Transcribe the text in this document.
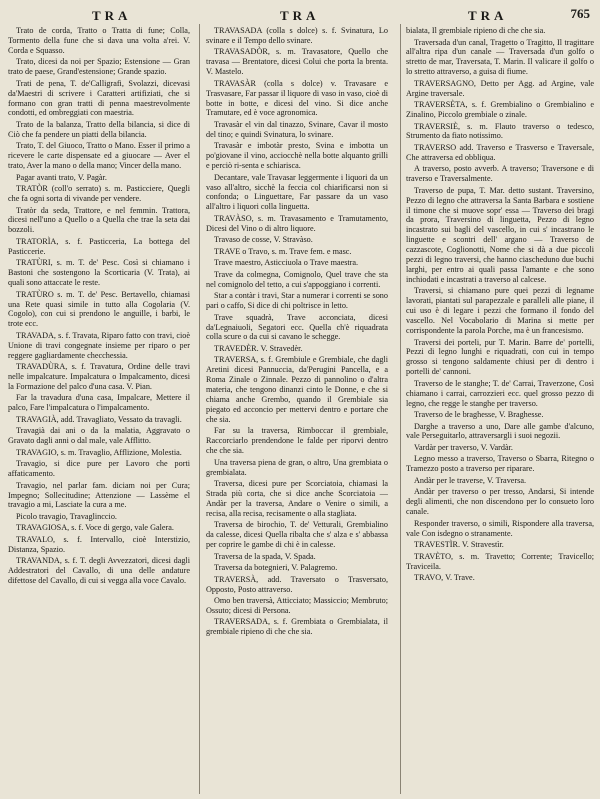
TRA	TRA	TRA	765

Trato de corda, Tratto o Tratta di fune; Colla, Tormento della fune che si dava una volta a'rei. V. Corda e Squasso.

Trato, dicesi da noi per Spazio; Estensione — Gran trato de paese, Grand'estensione; Grande spazio.

Trati de pena, T. de'Calligrafi, Svolazzi, dicevasi da'Maestri di scrivere i Caratteri artifiziati, che si formano con gran tratti di penna maestrevolmente condotti, ed ombreggiati con maestria.

Trato de la balanza, Tratto della bilancia, si dice di Ciò che fa pendere un piatti della bilancia.

Trato, T. del Giuoco, Tratto o Mano. Esser il primo a ricevere le carte dispensate ed a giuocare — Aver el trato, Aver la mano o della mano; Vincer della mano.

Pagar avanti trato, V. Pagàr.

TRATÒR (coll'o serrato) s. m. Pasticciere, Quegli che fa ogni sorta di vivande per vendere.

Tratòr da seda, Trattore, e nel femmin. Trattora, dicesi nell'uno a Quello o a Quella che trae la seta dai bozzoli.

TRATORÌA, s. f. Pasticceria, La bottega del Pasticcerie.

TRATÙRI, s. m. T. de' Pesc. Così si chiamano i Bastoni che sostengono la Scorticaria (V. Trata), ai quali sono attaccate le reste.

TRATÙRO s. m. T. de' Pesc. Bertavello, chiamasi una Rete quasi simile in tutto alla Cogolaria (V. Cogolo), con cui si prendono le anguille, i barbi, le trote ecc.

TRAVADA, s. f. Travata, Riparo fatto con travi, cioè Unione di travi congegnate insieme per riparo o per reggere gagliardamente checchessia.

TRAVADÙRA, s. f. Travatura, Ordine delle travi nelle impalcature. Impalcatura o Impalcamento, dicesi la Formazione del palco d'una casa. V. Pian.

Far la travadura d'una casa, Impalcare, Mettere il palco, Fare l'impalcatura o l'impalcamento.

TRAVAGIÀ, add. Travagliato, Vessato da travagli.

Travagià dai ani o da la malatia, Aggravato o Gravato dagli anni o dal male, vale Afflitto.

TRAVAGIO, s. m. Travaglio, Afflizione, Molestia.

Travagio, si dice pure per Lavoro che porti affaticamento.

Travagio, nel parlar fam. diciam noi per Cura; Impegno; Sollecitudine; Attenzione — Lassème el travagio a mi, Lasciate la cura a me.

Picolo travagio, Travaglinccio.

TRAVAGIOSA, s. f. Voce di gergo, vale Galera.

TRAVALO, s. f. Intervallo, cioè Interstizio, Distanza, Spazio.

TRAVANDA, s. f. T. degli Avvezzatori, dicesi dagli Addestratori del Cavallo, di una delle andature difettose del Cavallo, di cui si vegga alla voce Cavalo.

TRAVASADA (colla s dolce) s. f. Svinatura, Lo svinare e il Tempo dello svinare.

TRAVASADÒR, s. m. Travasatore, Quello che travasa — Brentatore, dicesi Colui che porta la brenta. V. Mastelo.

TRAVASÀR (colla s dolce) v. Travasare e Trasvasare, Far passar il liquore di vaso in vaso, cioè di botte in botte, e dicesi del vino. Si dice anche Tramutare, ed è voce agronomica.

Travasàr el vin dal tinazzo, Svinare, Cavar il mosto del tino; e quindi Svinatura, lo svinare.

Travasàr e imbotàr presto, Svina e imbotta un po'giovane il vino, acciocchè nella botte alquanto grilli e perciò ri-senta e schiarisca.

Decantare, vale Travasar leggermente i liquori da un vaso all'altro, sicchè la feccia col chiarificarsi non si confonda; o Linguettare, Far passare da un vaso all'altro i liquori colla linguetta.

TRAVÀSO, s. m. Travasamento e Tramutamento, Dicesi del Vino o di altro liquore.

Travaso de cosse, V. Stravàso.

TRAVE o Travo, s. m. Trave fem. e masc.

Trave maestro, Asticciuola o Trave maestra.

Trave da colmegna, Comignolo, Quel trave che sta nel comignolo del tetto, a cui s'appoggiano i correnti.

Star a contàr i travi, Star a numerar i correnti se sono pari o caffo, Si dice di chi poltrisce in letto.

Trave squadrà, Trave acconciata, dicesi da'Legnaiuoli, Segatori ecc. Quella ch'è riquadrata colla scure o da cui si cavano le schegge.

TRAVEDÈR. V. Stravedèr.

TRAVERSA, s. f. Grembiule e Grembiale, che dagli Aretini dicesi Pannuccia, da'Perugini Pancella, e a Roma Zinale o Zinnale. Pezzo di pannolino o d'altra materia, che tengono dinanzi cinto le Donne, e che si chiama anche Grembo, quando il Grembiale sia piegato ed acconcio per mettervi dentro e portare che che sia.

Far su la traversa, Rimboccar il grembiale, Raccorciarlo prendendone le falde per riporvi dentro che che sia.

Una traversa piena de gran, o altro, Una grembiata o grembialata.

Traversa, dicesi pure per Scorciatoia, chiamasi la Strada più corta, che si dice anche Scorciatoia — Andàr per la traversa, Andare o Venire o simili, a recisa, alla recisa, recisamente o alla stagliata.

Traversa de birochio, T. de' Vetturali, Grembialino da calesse, dicesi Quella ribalta che s' alza e s' abbassa per coprire le gambe di chi è in calesse.

Traversa de la spada, V. Spada.

Traversa da botegnieri, V. Palagremo.

TRAVERSÀ, add. Traversato o Trasversato, Opposto, Posto attraverso.

Omo ben traversà, Atticciato; Massiccio; Membruto; Ossuto; dicesi di Persona.

TRAVERSADA, s. f. Grembiata o Grembialata, il grembiale ripieno di che che sia.

bialata, Il grembiale ripieno di che che sia.

Traversada d'un canal, Tragetto o Tragitto, Il tragittare all'altra ripa d'un canale — Traversada d'un golfo o stretto de mar, Traversata, T. Marin. Il valicare il golfo o lo stretto attraverso, a guisa di fiume.

TRAVERSAGNO, Detto per Agg. ad Argine, vale Argine traversale.

TRAVERSÈTA, s. f. Grembialino o Grembialino e Zinalino, Piccolo grembiale o zinale.

TRAVERSIÈ, s. m. Flauto traverso o tedesco, Strumento da fiato notissimo.

TRAVERSO add. Traverso e Trasverso e Traversale, Che attraversa ed obbliqua.

A traverso, posto avverb. A traverso; Traversone e di traverso e Traversalmente.

Traverso de pupa, T. Mar. detto sustant. Traversino, Pezzo di legno che attraversa la Santa Barbara e sostiene il timone che si muove sopr' essa — Traverso dei bragi da prora, Traversino di linguetta, Pezzo di legno incastrato sui bagli del vascello, in cui s' incastrano le linguette e scontri dell' argano — Traverso de cazzascote, Coglionotti, Nome che si dà a due piccoli pezzi di legno traversi, che hanno ciascheduno due buchi larghi, per entro ai quali passa l'amante e che sono inchiodati e incastrati a traverso al calcese.

Traversi, si chiamano pure quei pezzi di legname lavorati, piantati sul parapezzale e paralleli alle piane, il cui uso è di legare i pezzi che formano il fondo del vascello. Nel Vocabolario di Marina si mette per corrispondente la parola Porche, ma è un francesismo.

Traversi dei porteli, pur T. Marin. Barre de' portelli, Pezzi di legno lunghi e riquadrati, con cui in tempo grosso si tengono saldamente chiusi per di dentro i portelli de' cannoni.

Traverso de le stanghe; T. de' Carrai, Traverzone, Così chiamano i carrai, carrozzieri ecc. quel grosso pezzo di legno, che regge le stanghe per traverso.

Traverso de le braghesse, V. Braghesse.

Darghe a traverso a uno, Dare alle gambe d'alcuno, vale Perseguitarlo, attraversargli i suoi negozii.

Vardàr per traverso, V. Vardàr.

Legno messo a traverso, Traverso o Sbarra, Ritegno o Tramezzo posto a traverso per riparare.

Andàr per le traverse, V. Traversa.

Andàr per traverso o per tresso, Andarsi, Si intende degli alimenti, che non discendono per lo consueto loro canale.

Responder traverso, o simili, Rispondere alla traversa, vale Con isdegno o stranamente.

TRAVESTÌR. V. Stravestìr.

TRAVÈTO, s. m. Travetto; Corrente; Travicello; Traviceila.

TRAVO, V. Trave.
